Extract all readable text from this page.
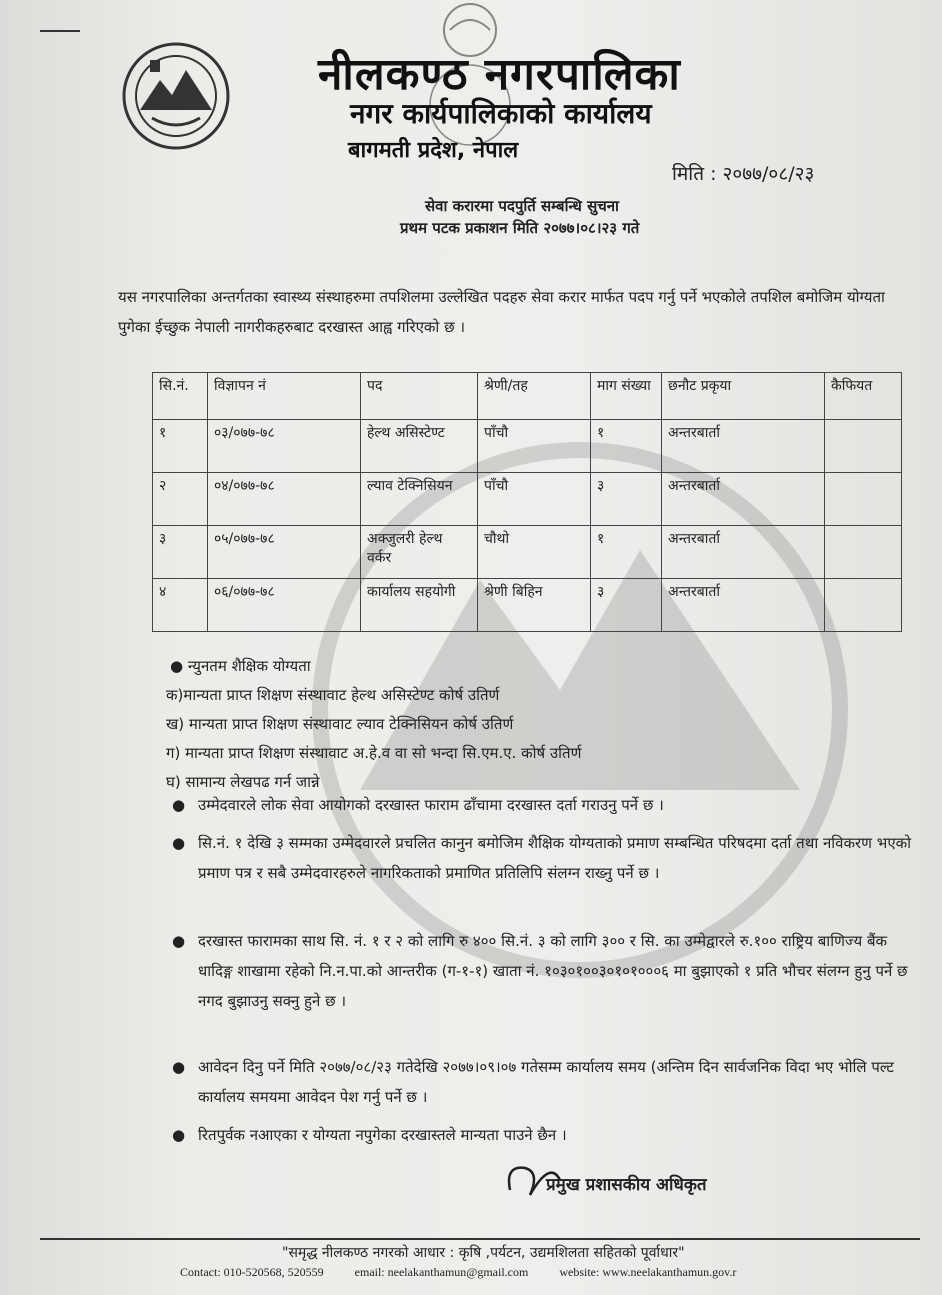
नीलकण्ठ नगरपालिका
नगर कार्यपालिकाको कार्यालय
बागमती प्रदेश, नेपाल
मिति : २०७७/०८/२३
सेवा करारमा पदपुर्ति सम्बन्धि सुचना
प्रथम पटक प्रकाशन मिति २०७७।०८।२३ गते
यस नगरपालिका अन्तर्गतका स्वास्थ्य संस्थाहरुमा तपशिलमा उल्लेखित पदहरु सेवा करार मार्फत पदप गर्नु पर्ने भएकोले तपशिल बमोजिम योग्यता पुगेका ईच्छुक नेपाली नागरीकहरुबाट दरखास्त आह्व गरिएको छ ।
सि.नं.	विज्ञापन नं	पद	श्रेणी/तह	माग संख्या	छनौट प्रकृया	कैफियत
१	०३/०७७-७८	हेल्थ असिस्टेण्ट	पाँचौ	१	अन्तरबार्ता	
२	०४/०७७-७८	ल्याव टेक्निसियन	पाँचौ	३	अन्तरबार्ता	
३	०५/०७७-७८	अक्जुलरी हेल्थ वर्कर	चौथो	१	अन्तरबार्ता	
४	०६/०७७-७८	कार्यालय सहयोगी	श्रेणी बिहिन	३	अन्तरबार्ता	
● न्युनतम शैक्षिक योग्यता
क)मान्यता प्राप्त शिक्षण संस्थावाट हेल्थ असिस्टेण्ट कोर्ष उतिर्ण
ख) मान्यता प्राप्त शिक्षण संस्थावाट ल्याव टेक्निसियन कोर्ष उतिर्ण
ग) मान्यता प्राप्त शिक्षण संस्थावाट अ.हे.व वा सो भन्दा सि.एम.ए. कोर्ष उतिर्ण
घ) सामान्य लेखपढ गर्न जान्ने
● उम्मेदवारले लोक सेवा आयोगको दरखास्त फाराम ढाँचामा दरखास्त दर्ता गराउनु पर्ने छ ।
● सि.नं. १ देखि ३ सम्मका उम्मेदवारले प्रचलित कानुन बमोजिम शैक्षिक योग्यताको प्रमाण सम्बन्धित परिषदमा दर्ता तथा नविकरण भएको प्रमाण पत्र र सबै उम्मेदवारहरुले नागरिकताको प्रमाणित प्रतिलिपि संलग्न राख्नु पर्ने छ ।
● दरखास्त फारामका साथ सि. नं. १ र २ को लागि रु ४०० सि.नं. ३ को लागि ३०० र सि. का उम्मेद्वारले रु.१०० राष्ट्रिय बाणिज्य बैंक धादिङ्ग शाखामा रहेको नि.न.पा.को आन्तरीक (ग-१-१) खाता नं. १०३०१००३०१०१०००६ मा बुझाएको १ प्रति भौचर संलग्न हुनु पर्ने छ नगद बुझाउनु सक्नु हुने छ ।
● आवेदन दिनु पर्ने मिति २०७७/०८/२३ गतेदेखि २०७७।०९।०७ गतेसम्म कार्यालय समय (अन्तिम दिन सार्वजनिक विदा भए भोलि पल्ट कार्यालय समयमा आवेदन पेश गर्नु पर्ने छ ।
● रितपुर्वक नआएका र योग्यता नपुगेका दरखास्तले मान्यता पाउने छैन ।
प्रमुख प्रशासकीय अधिकृत
"समृद्ध नीलकण्ठ नगरको आधार : कृषि ,पर्यटन, उद्यमशिलता सहितको पूर्वाधार"
Contact: 010-520568, 520559	email: neelakanthamun@gmail.com	website: www.neelakanthamun.gov.r
